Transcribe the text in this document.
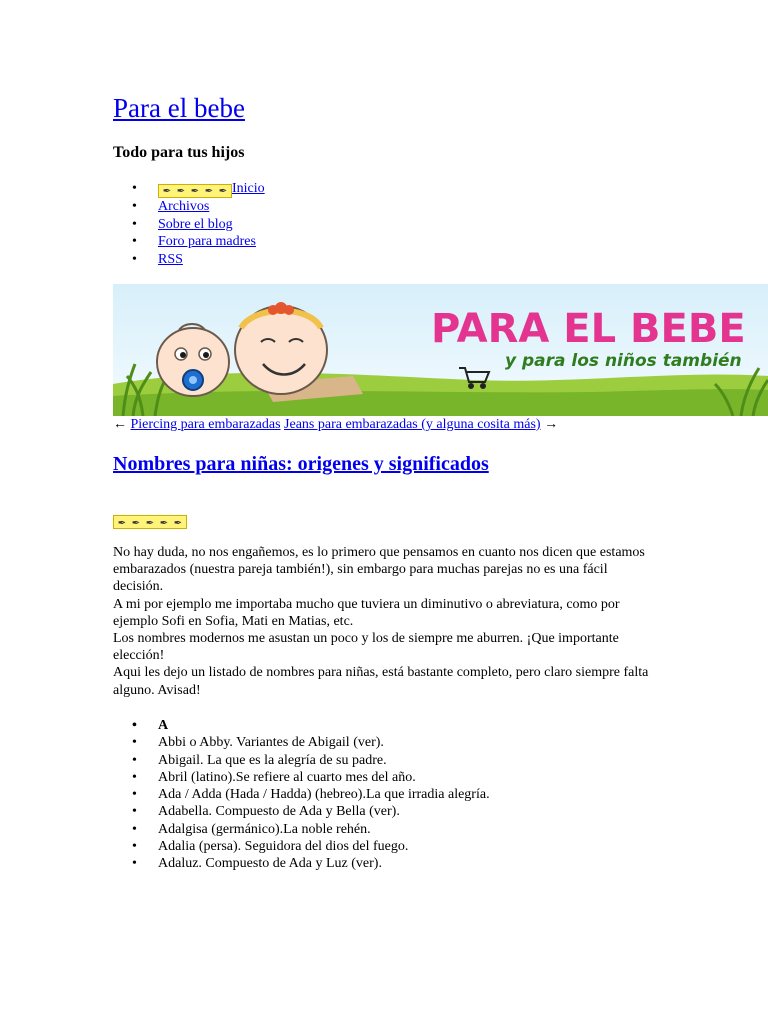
Para el bebe

Todo para tus hijos

• ✒ ✒ ✒ ✒ ✒ Inicio
• Archivos
• Sobre el blog
• Foro para madres
• RSS
PARA EL BEBE
y para los niños también

← Piercing para embarazadas Jeans para embarazadas (y alguna cosita más) →

Nombres para niñas: origenes y significados
✒ ✒ ✒ ✒ ✒

No hay duda, no nos engañemos, es lo primero que pensamos en cuanto nos dicen que estamos embarazados (nuestra pareja también!), sin embargo para muchas parejas no es una fácil decisión.

A mi por ejemplo me importaba mucho que tuviera un diminutivo o abreviatura, como por ejemplo Sofi en Sofia, Mati en Matias, etc.

Los nombres modernos me asustan un poco y los de siempre me aburren. ¡Que importante elección!

Aqui les dejo un listado de nombres para niñas, está bastante completo, pero claro siempre falta alguno. Avisad!

• A
• Abbi o Abby. Variantes de Abigail (ver).
• Abigail. La que es la alegría de su padre.
• Abril (latino).Se refiere al cuarto mes del año.
• Ada / Adda (Hada / Hadda) (hebreo).La que irradia alegría.
• Adabella. Compuesto de Ada y Bella (ver).
• Adalgisa (germánico).La noble rehén.
• Adalia (persa). Seguidora del dios del fuego.
• Adaluz. Compuesto de Ada y Luz (ver).
